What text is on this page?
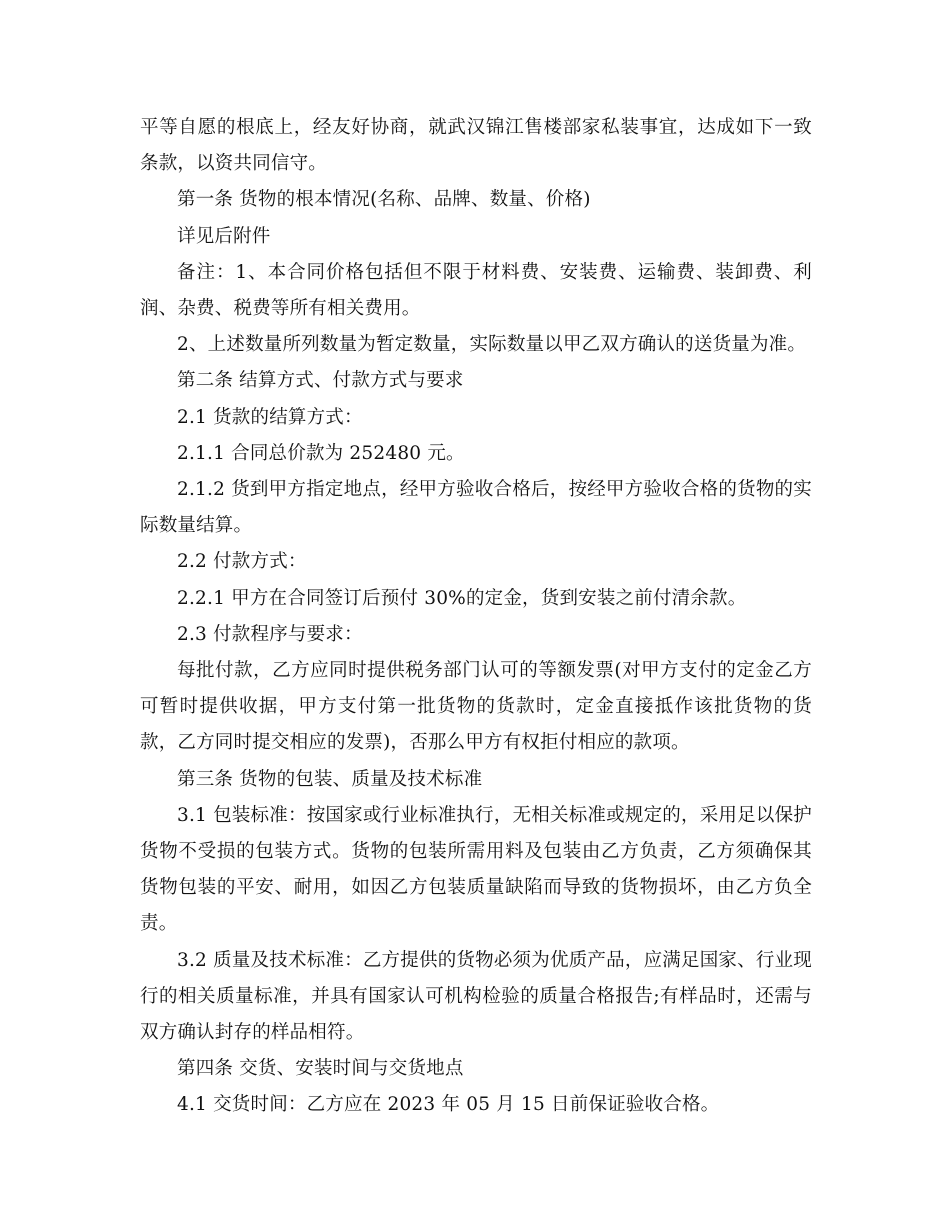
平等自愿的根底上，经友好协商，就武汉锦江售楼部家私装事宜，达成如下一致条款，以资共同信守。

第一条 货物的根本情况(名称、品牌、数量、价格)

详见后附件

备注：1、本合同价格包括但不限于材料费、安装费、运输费、装卸费、利润、杂费、税费等所有相关费用。

2、上述数量所列数量为暂定数量，实际数量以甲乙双方确认的送货量为准。

第二条 结算方式、付款方式与要求

2.1 货款的结算方式：

2.1.1 合同总价款为 252480 元。

2.1.2 货到甲方指定地点，经甲方验收合格后，按经甲方验收合格的货物的实际数量结算。

2.2 付款方式：

2.2.1 甲方在合同签订后预付 30%的定金，货到安装之前付清余款。

2.3 付款程序与要求：

每批付款，乙方应同时提供税务部门认可的等额发票(对甲方支付的定金乙方可暂时提供收据，甲方支付第一批货物的货款时，定金直接抵作该批货物的货款，乙方同时提交相应的发票)，否那么甲方有权拒付相应的款项。

第三条 货物的包装、质量及技术标准

3.1 包装标准：按国家或行业标准执行，无相关标准或规定的，采用足以保护货物不受损的包装方式。货物的包装所需用料及包装由乙方负责，乙方须确保其货物包装的平安、耐用，如因乙方包装质量缺陷而导致的货物损坏，由乙方负全责。

3.2 质量及技术标准：乙方提供的货物必须为优质产品，应满足国家、行业现行的相关质量标准，并具有国家认可机构检验的质量合格报告;有样品时，还需与双方确认封存的样品相符。

第四条 交货、安装时间与交货地点

4.1 交货时间：乙方应在 2023 年 05 月 15 日前保证验收合格。
